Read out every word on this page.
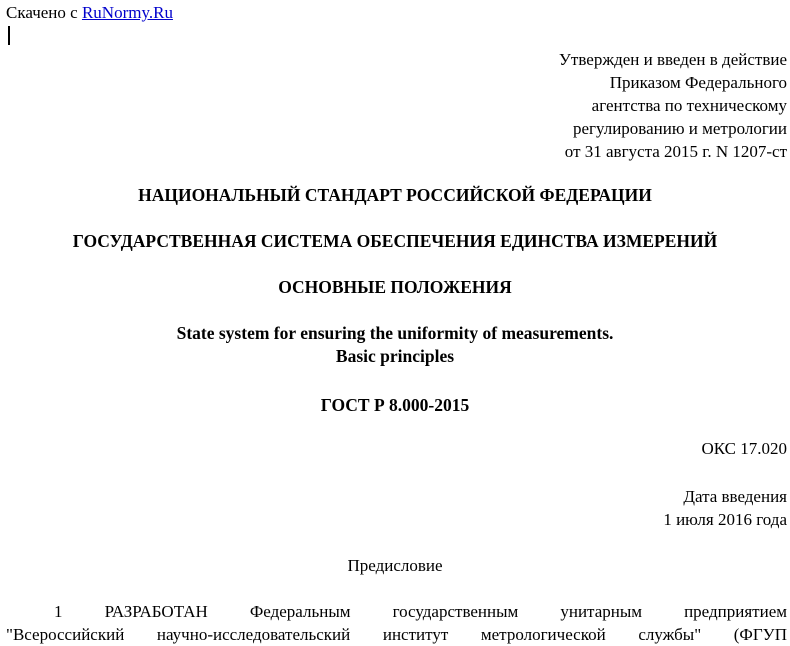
Скачено с RuNormy.Ru
Утвержден и введен в действие
Приказом Федерального
агентства по техническому
регулированию и метрологии
от 31 августа 2015 г. N 1207-ст
НАЦИОНАЛЬНЫЙ СТАНДАРТ РОССИЙСКОЙ ФЕДЕРАЦИИ
ГОСУДАРСТВЕННАЯ СИСТЕМА ОБЕСПЕЧЕНИЯ ЕДИНСТВА ИЗМЕРЕНИЙ
ОСНОВНЫЕ ПОЛОЖЕНИЯ
State system for ensuring the uniformity of measurements.
Basic principles
ГОСТ Р 8.000-2015
ОКС 17.020
Дата введения
1 июля 2016 года
Предисловие
1 РАЗРАБОТАН Федеральным государственным унитарным предприятием
"Всероссийский научно-исследовательский институт метрологической службы" (ФГУП
